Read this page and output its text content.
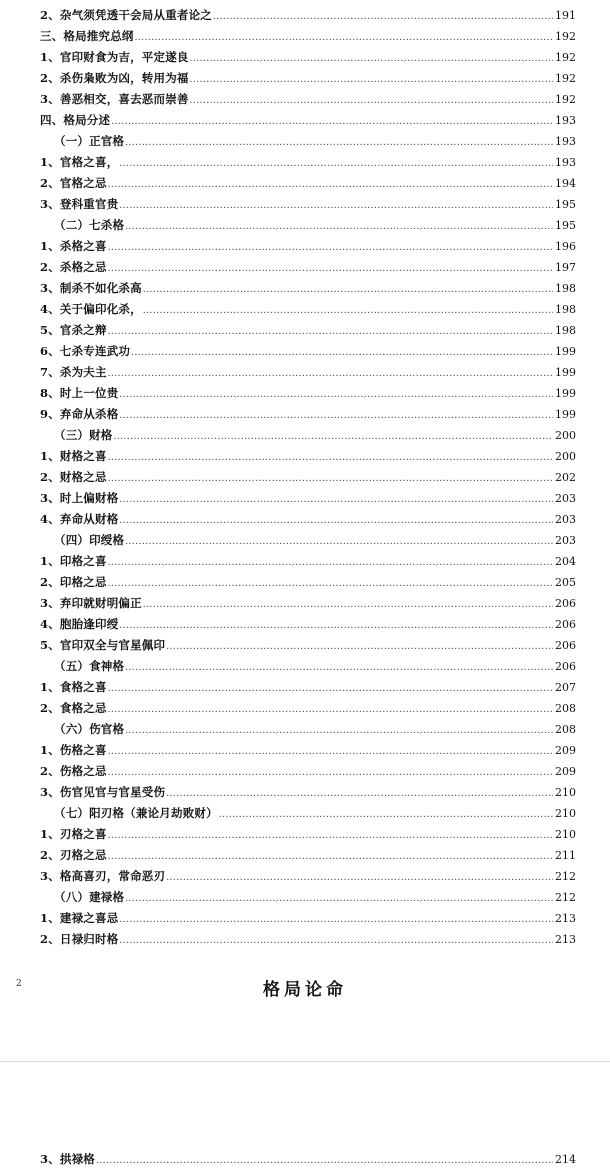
2、杂气须凭透干会局从重者论之 .....	191
三、格局推究总纲 .....	192
1、官印财食为吉，平定遂良 .....	192
2、杀伤枭败为凶，转用为福 .....	192
3、善恶相交，喜去恶而崇善 .....	192
四、格局分述 .....	193
（一）正官格 .....	193
1、官格之喜， .....	193
2、官格之忌 .....	194
3、登科重官贵 .....	195
（二）七杀格 .....	195
1、杀格之喜 .....	196
2、杀格之忌 .....	197
3、制杀不如化杀高 .....	198
4、关于偏印化杀， .....	198
5、官杀之辩 .....	198
6、七杀专连武功 .....	199
7、杀为夫主 .....	199
8、时上一位贵 .....	199
9、弃命从杀格 .....	199
（三）财格 .....	200
1、财格之喜 .....	200
2、财格之忌 .....	202
3、时上偏财格 .....	203
4、弃命从财格 .....	203
（四）印绶格 .....	203
1、印格之喜 .....	204
2、印格之忌 .....	205
3、弃印就财明偏正 .....	206
4、胞胎逢印绶 .....	206
5、官印双全与官星佩印 .....	206
（五）食神格 .....	206
1、食格之喜 .....	207
2、食格之忌 .....	208
（六）伤官格 .....	208
1、伤格之喜 .....	209
2、伤格之忌 .....	209
3、伤官见官与官星受伤 .....	210
（七）阳刃格（兼论月劫败财） .....	210
1、刃格之喜 .....	210
2、刃格之忌 .....	211
3、格高喜刃，常命恶刃 .....	212
（八）建禄格 .....	212
1、建禄之喜忌 .....	213
2、日禄归时格 .....	213
2	格局论命
3、拱禄格 .....	214
